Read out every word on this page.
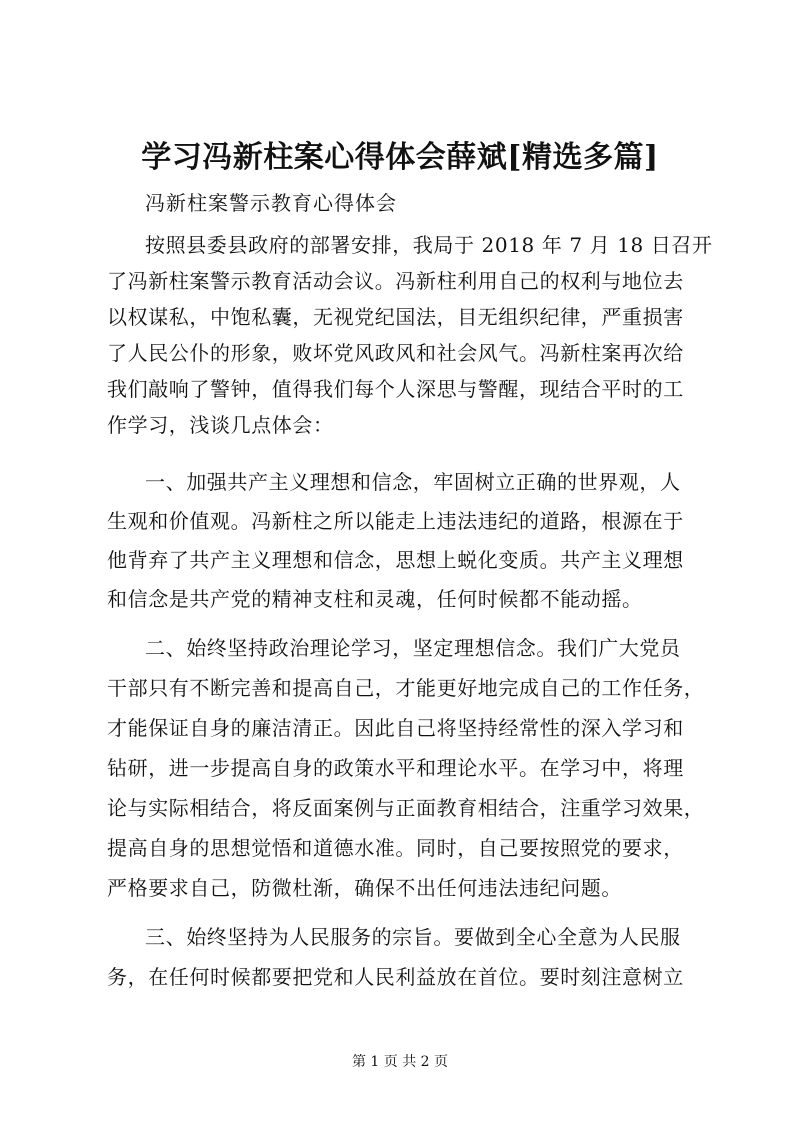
学习冯新柱案心得体会薛斌[精选多篇]
冯新柱案警示教育心得体会
按照县委县政府的部署安排，我局于 2018 年 7 月 18 日召开
了冯新柱案警示教育活动会议。冯新柱利用自己的权利与地位去
以权谋私，中饱私囊，无视党纪国法，目无组织纪律，严重损害
了人民公仆的形象，败坏党风政风和社会风气。冯新柱案再次给
我们敲响了警钟，值得我们每个人深思与警醒，现结合平时的工
作学习，浅谈几点体会：
一、加强共产主义理想和信念，牢固树立正确的世界观，人
生观和价值观。冯新柱之所以能走上违法违纪的道路，根源在于
他背弃了共产主义理想和信念，思想上蜕化变质。共产主义理想
和信念是共产党的精神支柱和灵魂，任何时候都不能动摇。
二、始终坚持政治理论学习，坚定理想信念。我们广大党员
干部只有不断完善和提高自己，才能更好地完成自己的工作任务，
才能保证自身的廉洁清正。因此自己将坚持经常性的深入学习和
钻研，进一步提高自身的政策水平和理论水平。在学习中，将理
论与实际相结合，将反面案例与正面教育相结合，注重学习效果，
提高自身的思想觉悟和道德水准。同时，自己要按照党的要求，
严格要求自己，防微杜渐，确保不出任何违法违纪问题。
三、始终坚持为人民服务的宗旨。要做到全心全意为人民服
务，在任何时候都要把党和人民利益放在首位。要时刻注意树立
第 1 页 共 2 页
